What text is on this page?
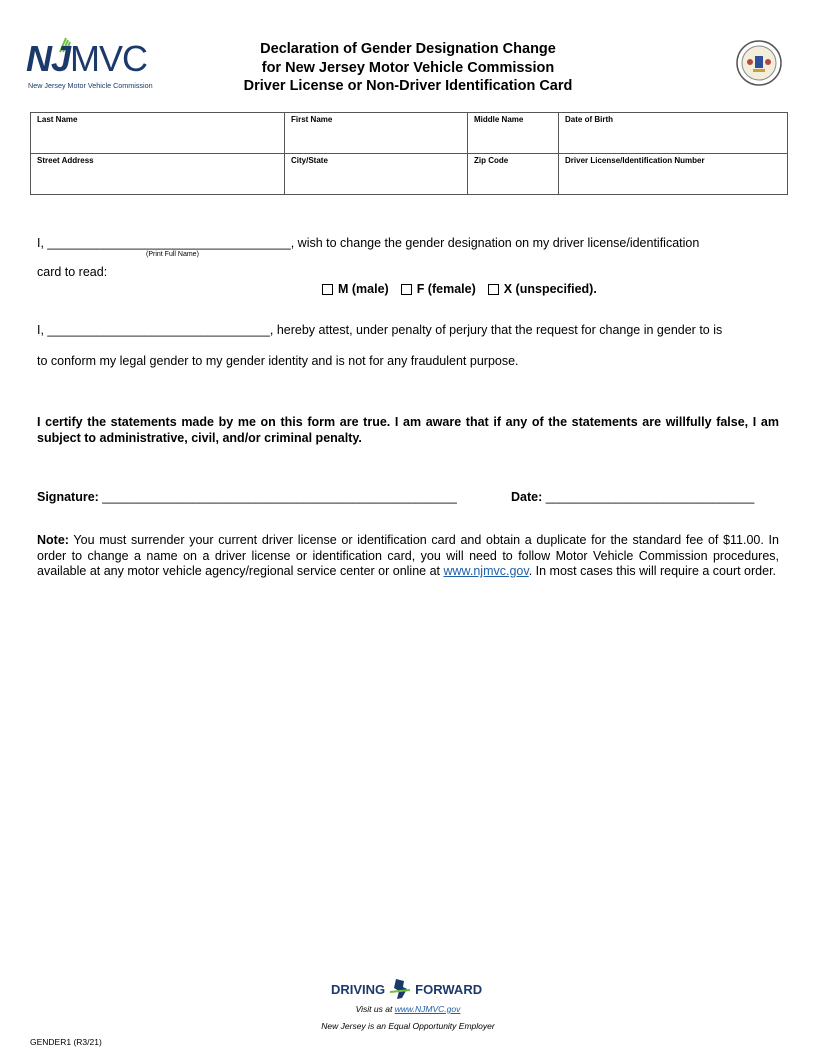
NJMVC
New Jersey Motor Vehicle Commission
Declaration of Gender Designation Change
for New Jersey Motor Vehicle Commission
Driver License or Non-Driver Identification Card
Last Name	First Name	Middle Name	Date of Birth
Street Address	City/State	Zip Code	Driver License/Identification Number
I, ___________________________________, wish to change the gender designation on my driver license/identification
(Print Full Name)
card to read:
M (male) F (female) X (unspecified).
I, ________________________________, hereby attest, under penalty of perjury that the request for change in gender to is
to conform my legal gender to my gender identity and is not for any fraudulent purpose.
I certify the statements made by me on this form are true. I am aware that if any of the statements are willfully false, I am subject to administrative, civil, and/or criminal penalty.
Signature: ___________________________________________________	Date: ______________________________
Note: You must surrender your current driver license or identification card and obtain a duplicate for the standard fee of $11.00. In order to change a name on a driver license or identification card, you will need to follow Motor Vehicle Commission procedures, available at any motor vehicle agency/regional service center or online at www.njmvc.gov. In most cases this will require a court order.
DRIVING FORWARD
Visit us at www.NJMVC.gov
New Jersey is an Equal Opportunity Employer
GENDER1 (R3/21)
